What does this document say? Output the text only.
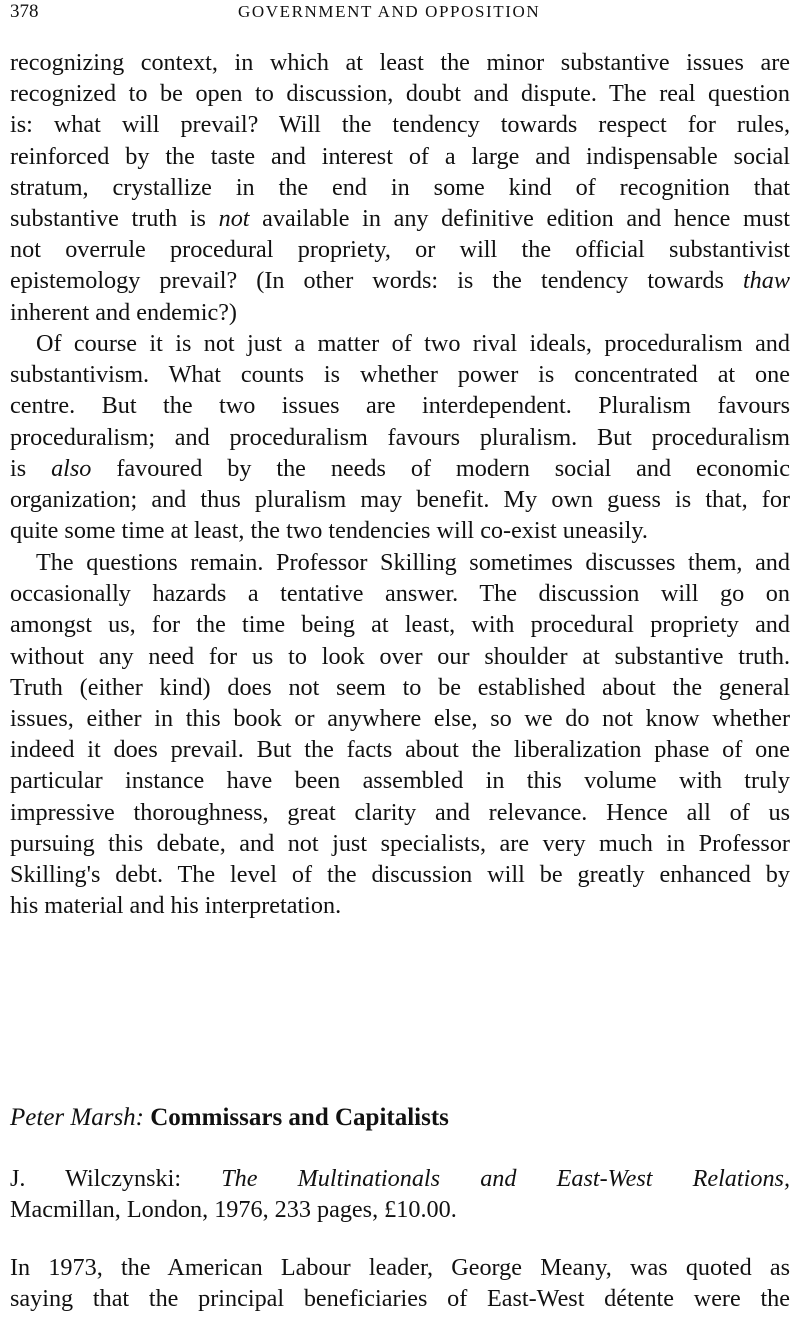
378	GOVERNMENT AND OPPOSITION
recognizing context, in which at least the minor substantive issues are
recognized to be open to discussion, doubt and dispute. The real question
is: what will prevail? Will the tendency towards respect for rules,
reinforced by the taste and interest of a large and indispensable social
stratum, crystallize in the end in some kind of recognition that
substantive truth is not available in any definitive edition and hence must
not overrule procedural propriety, or will the official substantivist
epistemology prevail? (In other words: is the tendency towards thaw
inherent and endemic?)
Of course it is not just a matter of two rival ideals, proceduralism and
substantivism. What counts is whether power is concentrated at one
centre. But the two issues are interdependent. Pluralism favours
proceduralism; and proceduralism favours pluralism. But proceduralism
is also favoured by the needs of modern social and economic
organization; and thus pluralism may benefit. My own guess is that, for
quite some time at least, the two tendencies will co-exist uneasily.
The questions remain. Professor Skilling sometimes discusses them, and
occasionally hazards a tentative answer. The discussion will go on
amongst us, for the time being at least, with procedural propriety and
without any need for us to look over our shoulder at substantive truth.
Truth (either kind) does not seem to be established about the general
issues, either in this book or anywhere else, so we do not know whether
indeed it does prevail. But the facts about the liberalization phase of one
particular instance have been assembled in this volume with truly
impressive thoroughness, great clarity and relevance. Hence all of us
pursuing this debate, and not just specialists, are very much in Professor
Skilling's debt. The level of the discussion will be greatly enhanced by
his material and his interpretation.
Peter Marsh: Commissars and Capitalists
J. Wilczynski: The Multinationals and East-West Relations,
Macmillan, London, 1976, 233 pages, £10.00.
In 1973, the American Labour leader, George Meany, was quoted as
saying that the principal beneficiaries of East-West détente were the
